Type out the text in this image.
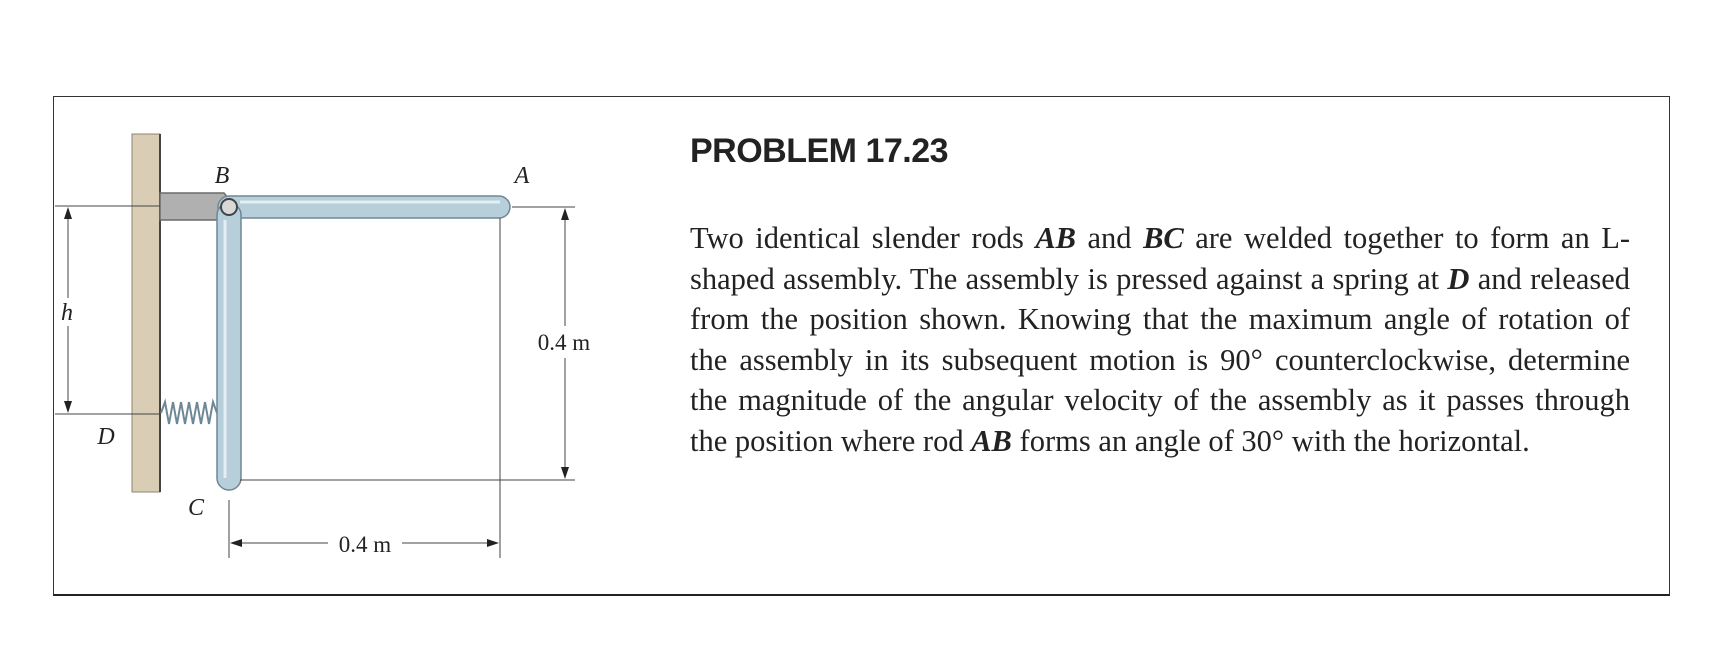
B	A
C
D
h
0.4 m
0.4 m
PROBLEM 17.23
Two identical slender rods AB and BC are welded together to form an L-shaped assembly. The assembly is pressed against a spring at D and released from the position shown. Knowing that the maximum angle of rotation of the assembly in its subsequent motion is 90° counterclockwise, determine the magnitude of the angular velocity of the assembly as it passes through the position where rod AB forms an angle of 30° with the horizontal.
